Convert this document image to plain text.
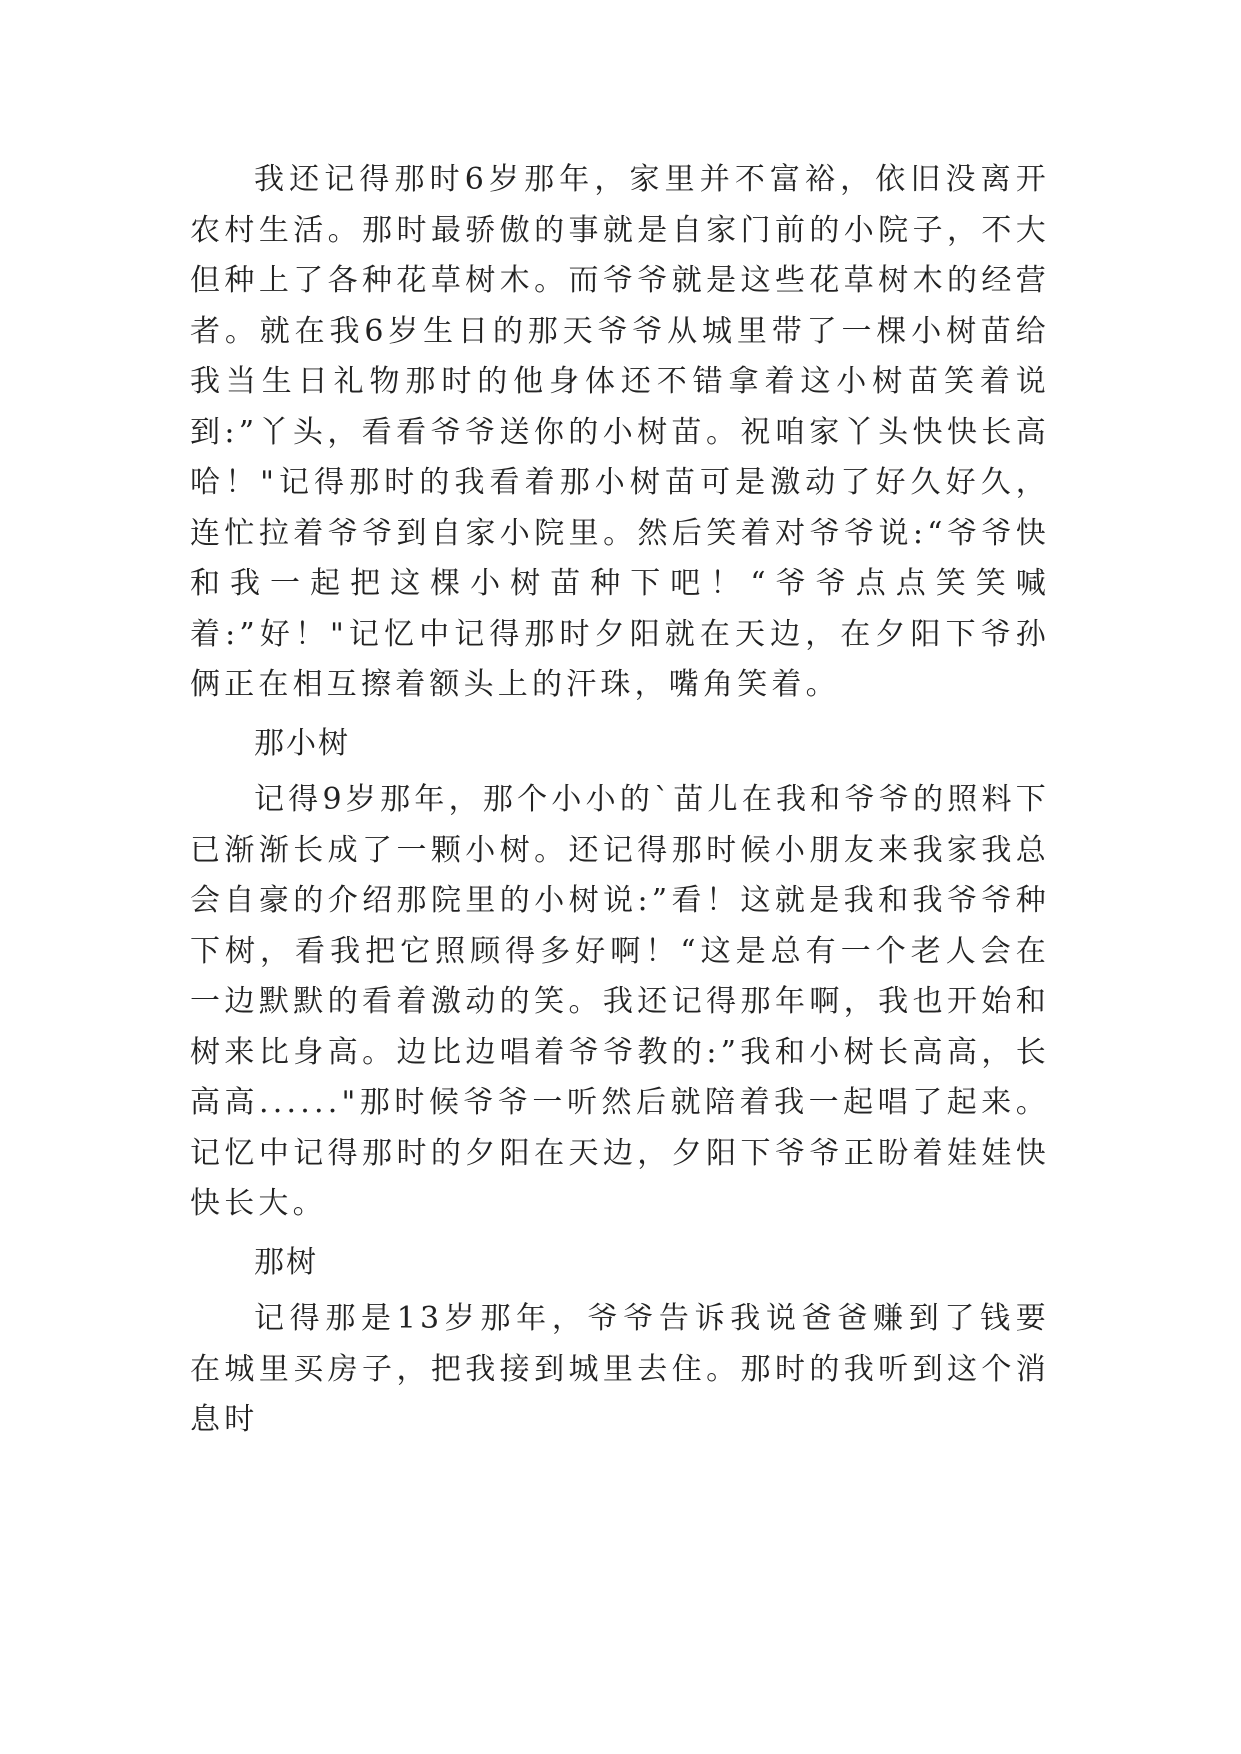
我还记得那时6岁那年，家里并不富裕，依旧没离开农村生活。那时最骄傲的事就是自家门前的小院子，不大但种上了各种花草树木。而爷爷就是这些花草树木的经营者。就在我6岁生日的那天爷爷从城里带了一棵小树苗给我当生日礼物那时的他身体还不错拿着这小树苗笑着说到:”丫头，看看爷爷送你的小树苗。祝咱家丫头快快长高哈！"记得那时的我看着那小树苗可是激动了好久好久，连忙拉着爷爷到自家小院里。然后笑着对爷爷说:“爷爷快和我一起把这棵小树苗种下吧！“爷爷点点笑笑喊着:”好！"记忆中记得那时夕阳就在天边，在夕阳下爷孙俩正在相互擦着额头上的汗珠，嘴角笑着。

那小树

记得9岁那年，那个小小的`苗儿在我和爷爷的照料下已渐渐长成了一颗小树。还记得那时候小朋友来我家我总会自豪的介绍那院里的小树说:”看！这就是我和我爷爷种下树，看我把它照顾得多好啊！“这是总有一个老人会在一边默默的看着激动的笑。我还记得那年啊，我也开始和树来比身高。边比边唱着爷爷教的:”我和小树长高高，长高高......"那时候爷爷一听然后就陪着我一起唱了起来。记忆中记得那时的夕阳在天边，夕阳下爷爷正盼着娃娃快快长大。

那树

记得那是13岁那年，爷爷告诉我说爸爸赚到了钱要在城里买房子，把我接到城里去住。那时的我听到这个消息时
